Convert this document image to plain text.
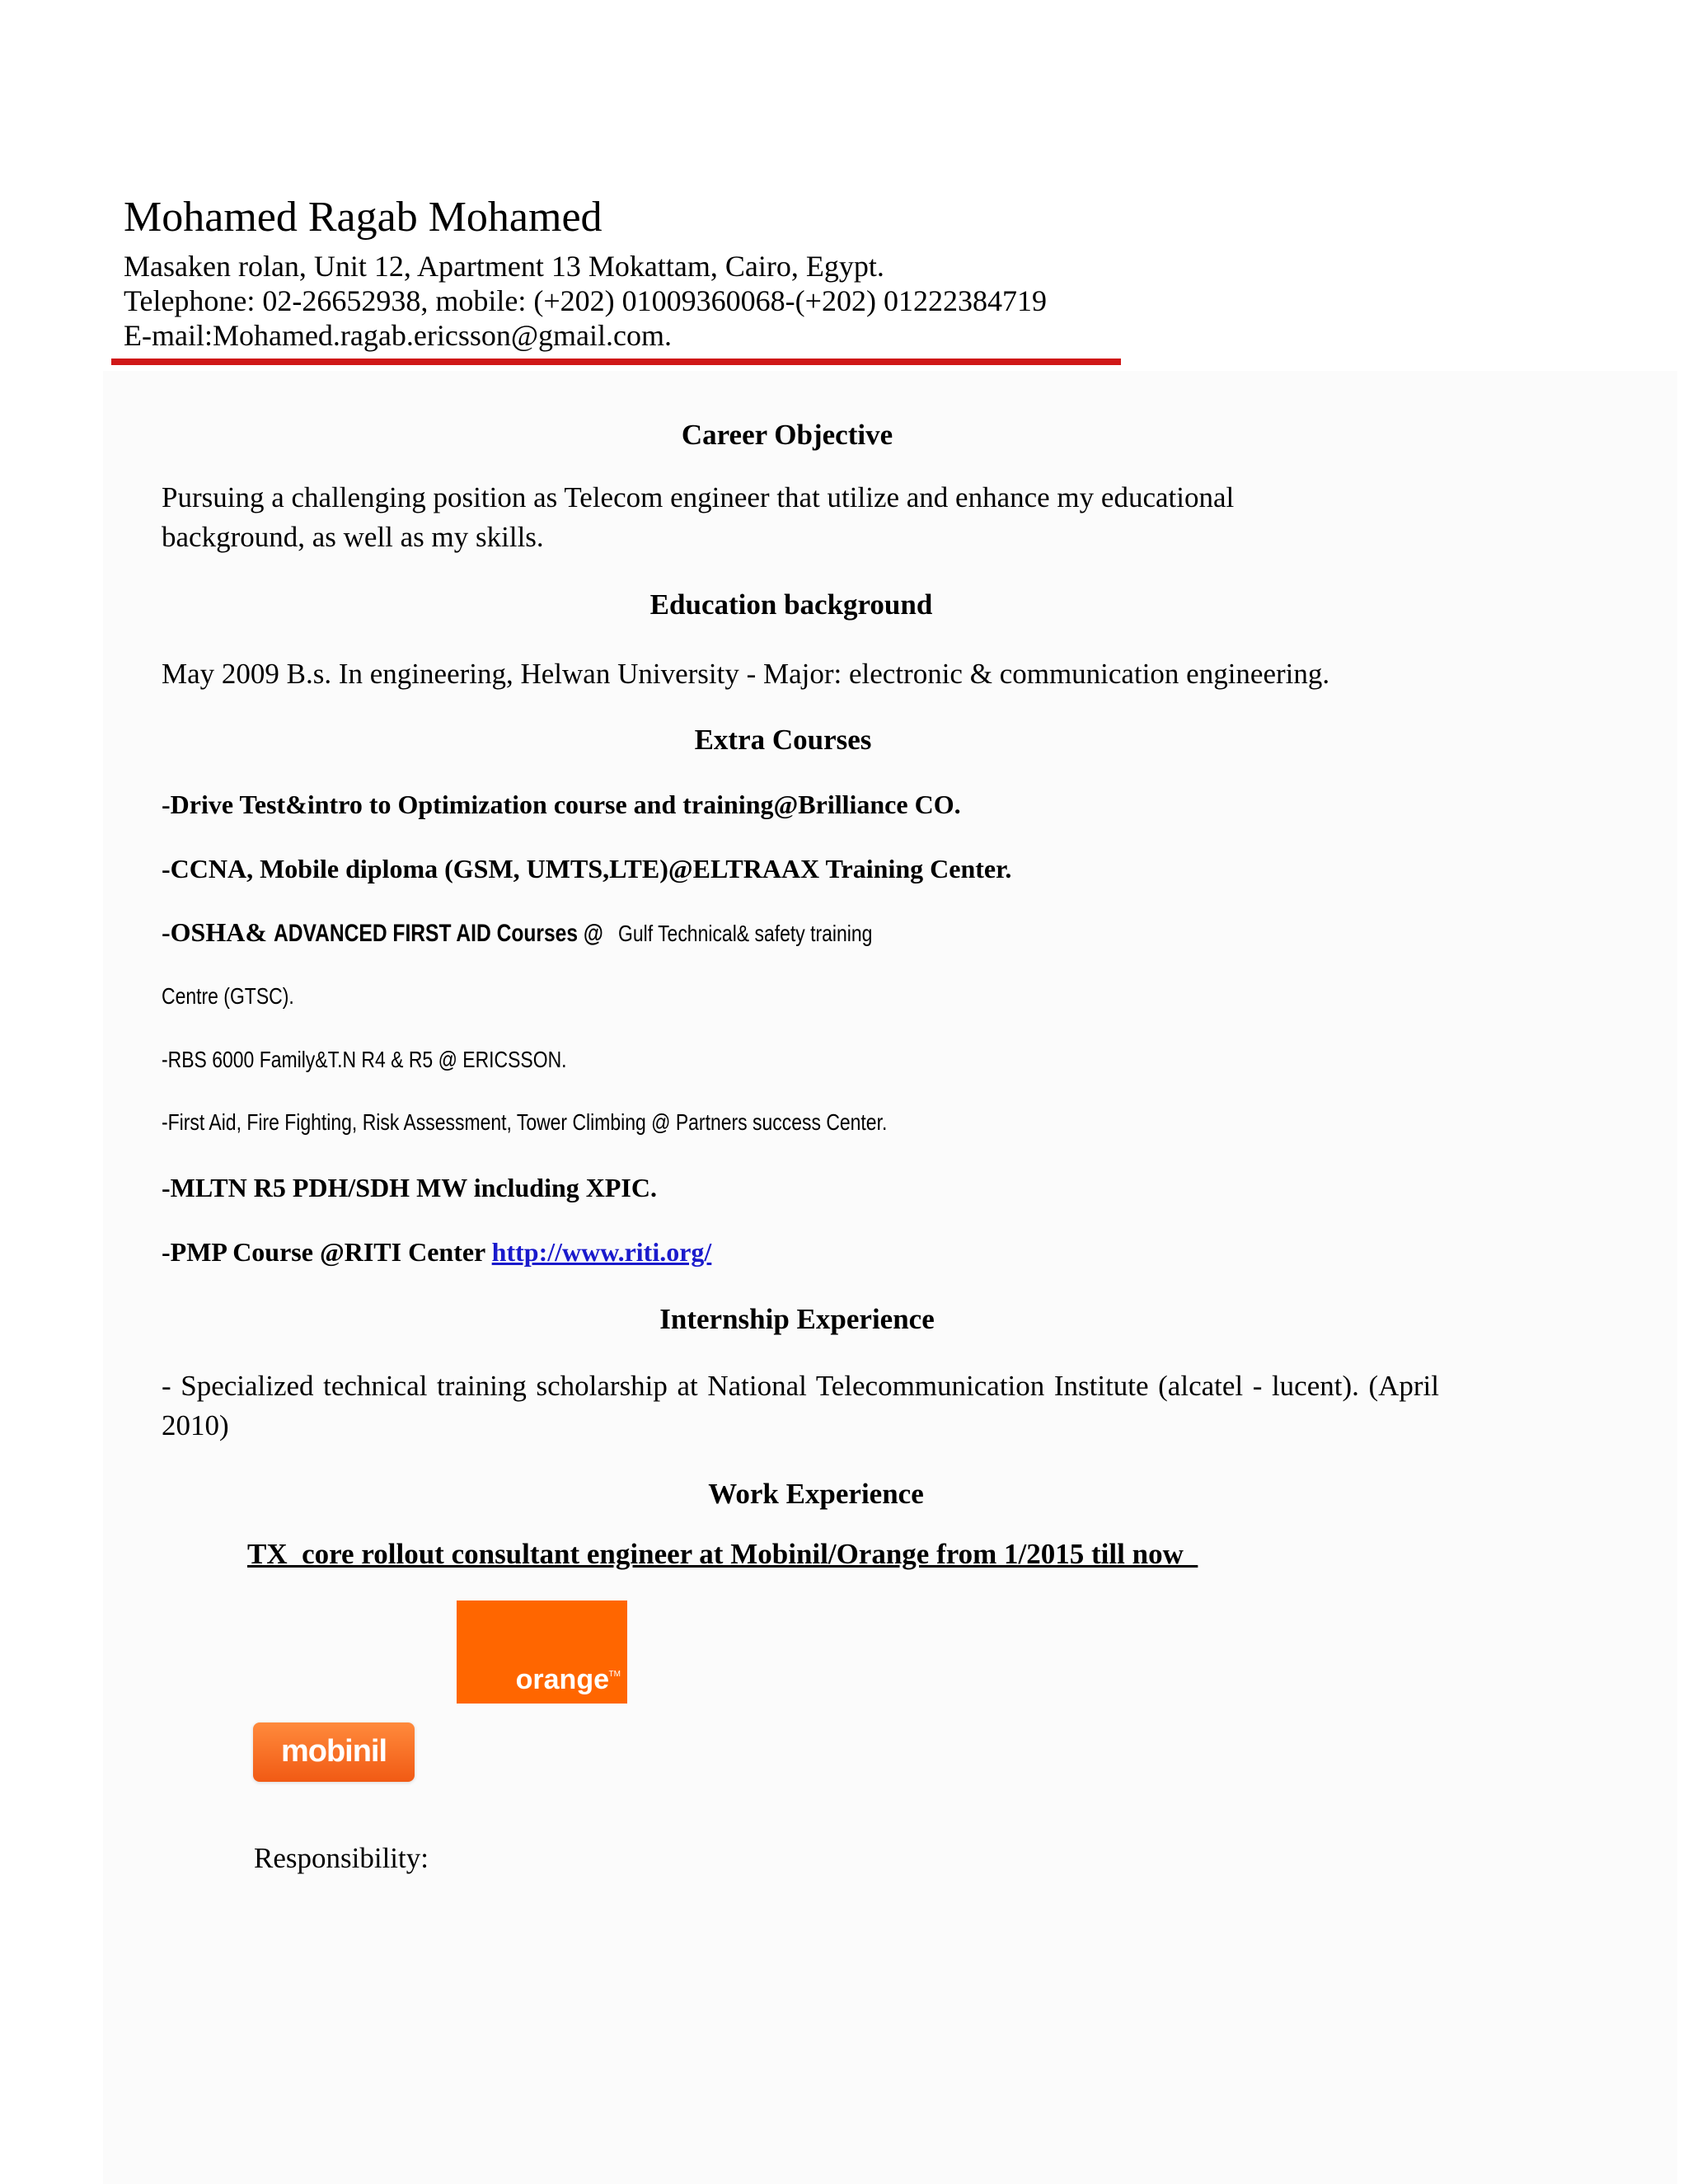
Mohamed Ragab Mohamed
Masaken rolan, Unit 12, Apartment 13 Mokattam, Cairo, Egypt.
Telephone: 02-26652938, mobile: (+202) 01009360068-(+202) 01222384719
E-mail:Mohamed.ragab.ericsson@gmail.com.
Career Objective
Pursuing a challenging position as Telecom engineer that utilize and enhance my educational background, as well as my skills.
Education background
May 2009 B.s. In engineering, Helwan University - Major: electronic & communication engineering.
Extra Courses
-Drive Test&intro to Optimization course and training@Brilliance CO.
-CCNA, Mobile diploma (GSM, UMTS,LTE)@ELTRAAX Training Center.
-OSHA& ADVANCED FIRST AID Courses @Gulf Technical& safety training
Centre (GTSC).
-RBS 6000 Family&T.N R4 & R5 @ ERICSSON.
-First Aid, Fire Fighting, Risk Assessment, Tower Climbing @ Partners success Center.
-MLTN R5 PDH/SDH MW including XPIC.
-PMP Course @RITI Center http://www.riti.org/
Internship Experience
- Specialized technical training scholarship at National Telecommunication Institute (alcatel - lucent). (April 2010)
Work Experience
TX  core rollout consultant engineer at Mobinil/Orange from 1/2015 till now
orange TM
mobinil
Responsibility:
